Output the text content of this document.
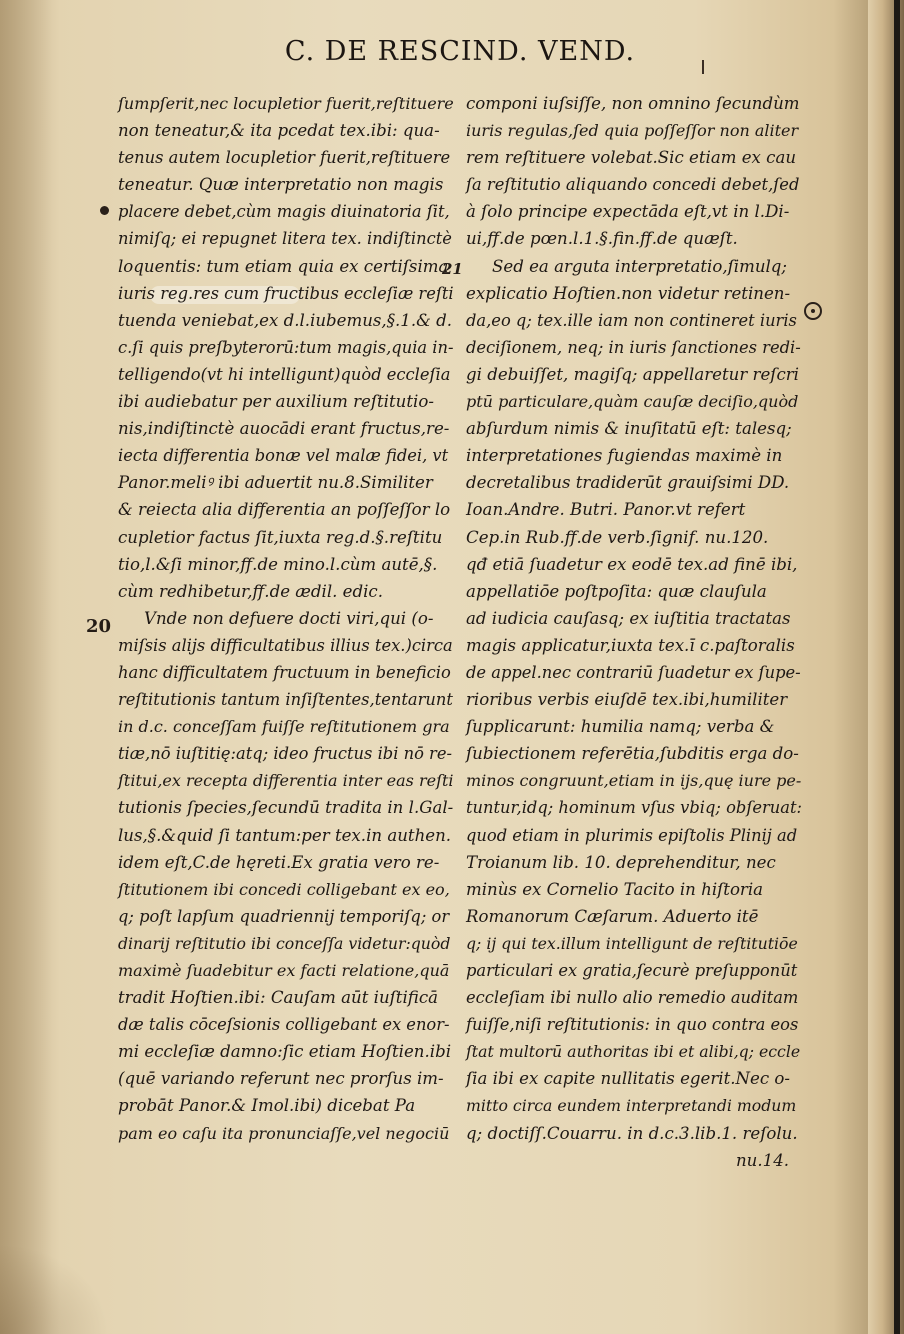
C. DE RESCIND. VEND.
ſumpſerit,nec locupletior fuerit,reſtituere
non teneatur,& ita pcedat tex.ibi: qua-
tenus autem locupletior fuerit,reſtituere
teneatur. Quæ interpretatio non magis
placere debet,cùm magis diuinatoria ſit,
nimiſq; ei repugnet litera tex. indiſtinctè
loquentis: tum etiam quia ex certiſsima
iuris reg.res cum fructibus eccleſiæ reſti
tuenda veniebat,ex d.l.iubemus,§.1.& d.
c.ſi quis preſbyterorū:tum magis,quia in-
telligendo(vt hi intelligunt)quòd eccleſia
ibi audiebatur per auxilium reſtitutio-
nis,indiſtinctè auocādi erant fructus,re-
iecta differentia bonæ vel malæ fidei, vt
Panor.meliꝰ ibi aduertit nu.8.Similiter
& reiecta alia differentia an poſſeſſor lo
cupletior factus ſit,iuxta reg.d.§.reſtitu
tio,l.&ſi minor,ff.de mino.l.cùm autē,§.
cùm redhibetur,ff.de ædil. edic.
Vnde non defuere docti viri,qui (o-
miſsis alijs difficultatibus illius tex.)circa
hanc difficultatem fructuum in beneficio
reſtitutionis tantum inſiſtentes,tentarunt
in d.c. conceſſam fuiſſe reſtitutionem gra
tiæ,nō iuſtitię:atq; ideo fructus ibi nō re-
ſtitui,ex recepta differentia inter eas reſti
tutionis ſpecies,ſecundū tradita in l.Gal-
lus,§.&quid ſi tantum:per tex.in authen.
idem eſt,C.de hęreti.Ex gratia vero re-
ſtitutionem ibi concedi colligebant ex eo,
q; poſt lapſum quadriennij temporiſq; or
dinarij reſtitutio ibi conceſſa videtur:quòd
maximè ſuadebitur ex facti relatione,quā
tradit Hoſtien.ibi: Cauſam aūt iuſtificā
dæ talis cōceſsionis colligebant ex enor-
mi eccleſiæ damno:ſic etiam Hoſtien.ibi
(quē variando referunt nec prorſus im-
probāt Panor.& Imol.ibi) dicebat Pa
pam eo caſu ita pronunciaſſe,vel negociū
componi iuſsiſſe, non omnino ſecundùm
iuris regulas,ſed quia poſſeſſor non aliter
rem reſtituere volebat.Sic etiam ex cau
ſa reſtitutio aliquando concedi debet,ſed
à ſolo principe expectāda eſt,vt in l.Di-
ui,ff.de pœn.l.1.§.fin.ff.de quæſt.
Sed ea arguta interpretatio,ſimulq;
explicatio Hoſtien.non videtur retinen-
da,eo q; tex.ille iam non contineret iuris
deciſionem, neq; in iuris ſanctiones redi-
gi debuiſſet, magiſq; appellaretur reſcri
ptū particulare,quàm cauſæ deciſio,quòd
abſurdum nimis & inuſitatū eſt: talesq;
interpretationes fugiendas maximè in
decretalibus tradiderūt grauiſsimi DD.
Ioan.Andre. Butri. Panor.vt refert
Cep.in Rub.ff.de verb.ſignif. nu.120.
qđ etiā ſuadetur ex eodē tex.ad finē ibi,
appellatiōe poſtpoſita: quæ clauſula
ad iudicia cauſasq; ex iuſtitia tractatas
magis applicatur,iuxta tex.ī c.paſtoralis
de appel.nec contrariū ſuadetur ex ſupe-
rioribus verbis eiuſdē tex.ibi,humiliter
ſupplicarunt: humilia namq; verba &
ſubiectionem referētia,ſubditis erga do-
minos congruunt,etiam in ijs,quę iure pe-
tuntur,idq; hominum vſus vbiq; obſeruat:
quod etiam in plurimis epiſtolis Plinij ad
Troianum lib. 10. deprehenditur, nec
minùs ex Cornelio Tacito in hiſtoria
Romanorum Cæſarum. Aduerto itē
q; ij qui tex.illum intelligunt de reſtitutiōe
particulari ex gratia,ſecurè preſupponūt
eccleſiam ibi nullo alio remedio auditam
fuiſſe,niſi reſtitutionis: in quo contra eos
ſtat multorū authoritas ibi et alibi,q; eccle
ſia ibi ex capite nullitatis egerit.Nec o-
mitto circa eundem interpretandi modum
q; doctiſſ.Couarru. in d.c.3.lib.1. reſolu.
nu.14.
20
21
